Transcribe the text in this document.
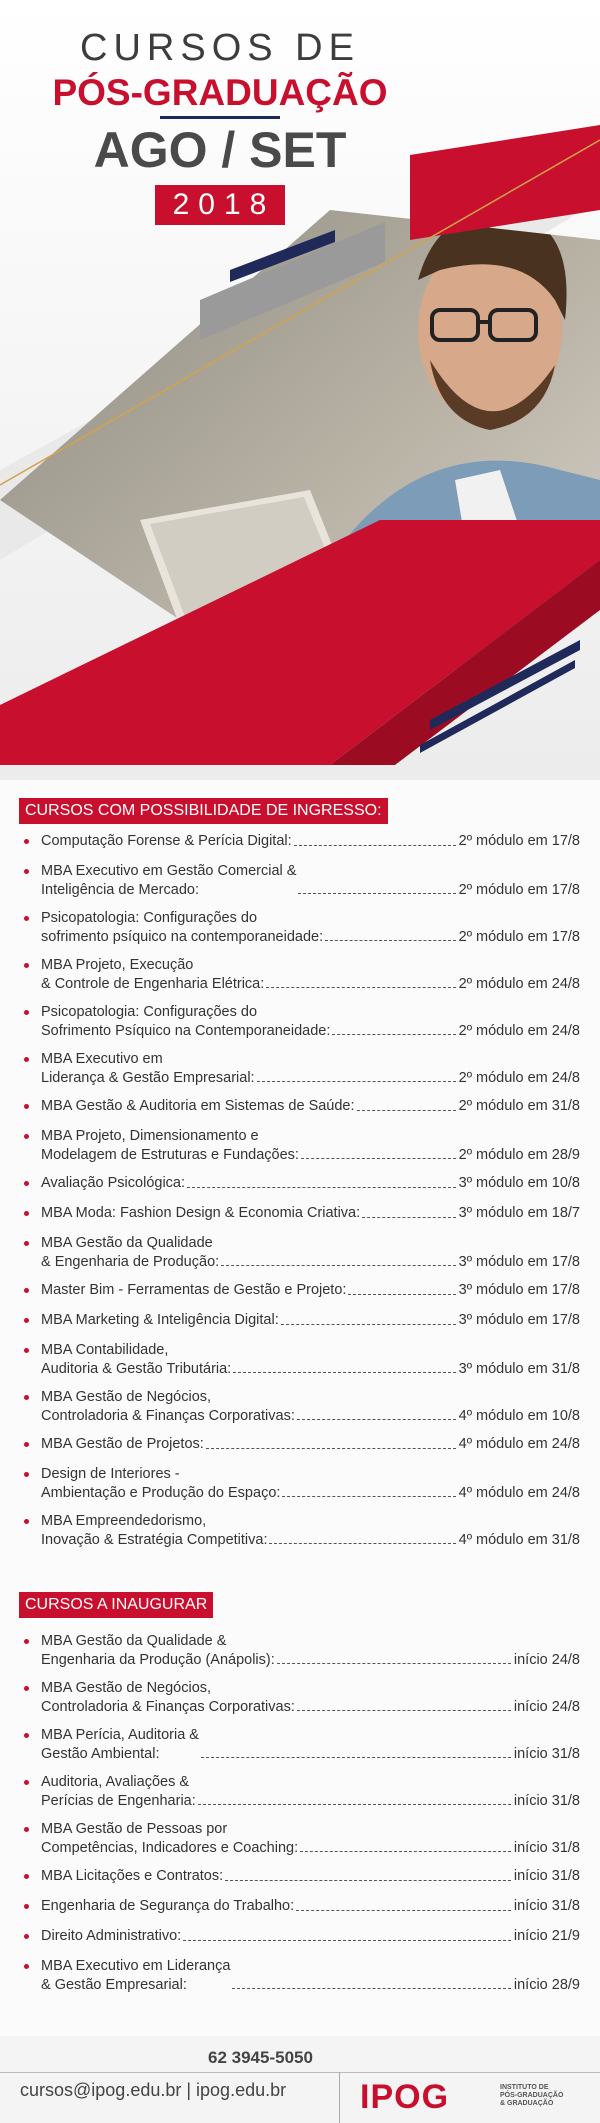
CURSOS DE
PÓS-GRADUAÇÃO
AGO / SET
2018
CURSOS COM POSSIBILIDADE DE INGRESSO:
Computação Forense & Perícia Digital:	2º módulo em 17/8
MBA Executivo em Gestão Comercial &
Inteligência de Mercado:	2º módulo em 17/8
Psicopatologia: Configurações do
sofrimento psíquico na contemporaneidade:	2º módulo em 17/8
MBA Projeto, Execução
& Controle de Engenharia Elétrica:	2º módulo em 24/8
Psicopatologia: Configurações do
Sofrimento Psíquico na Contemporaneidade:	2º módulo em 24/8
MBA Executivo em
Liderança & Gestão Empresarial:	2º módulo em 24/8
MBA Gestão & Auditoria em Sistemas de Saúde:	2º módulo em 31/8
MBA Projeto, Dimensionamento e
Modelagem de Estruturas e Fundações:	2º módulo em 28/9
Avaliação Psicológica:	3º módulo em 10/8
MBA Moda: Fashion Design & Economia Criativa:	3º módulo em 18/7
MBA Gestão da Qualidade
& Engenharia de Produção:	3º módulo em 17/8
Master Bim - Ferramentas de Gestão e Projeto:	3º módulo em 17/8
MBA Marketing & Inteligência Digital:	3º módulo em 17/8
MBA Contabilidade,
Auditoria & Gestão Tributária:	3º módulo em 31/8
MBA Gestão de Negócios,
Controladoria & Finanças Corporativas:	4º módulo em 10/8
MBA Gestão de Projetos:	4º módulo em 24/8
Design de Interiores -
Ambientação e Produção do Espaço:	4º módulo em 24/8
MBA Empreendedorismo,
Inovação & Estratégia Competitiva:	4º módulo em 31/8
CURSOS A INAUGURAR
MBA Gestão da Qualidade &
Engenharia da Produção (Anápolis):	início 24/8
MBA Gestão de Negócios,
Controladoria & Finanças Corporativas:	início 24/8
MBA Perícia, Auditoria &
Gestão Ambiental:	início 31/8
Auditoria, Avaliações &
Perícias de Engenharia:	início 31/8
MBA Gestão de Pessoas por
Competências, Indicadores e Coaching:	início 31/8
MBA Licitações e Contratos:	início 31/8
Engenharia de Segurança do Trabalho:	início 31/8
Direito Administrativo:	início 21/9
MBA Executivo em Liderança
& Gestão Empresarial:	início 28/9
62 3945-5050
cursos@ipog.edu.br | ipog.edu.br IPOG	INSTITUTO DE
PÓS-GRADUAÇÃO
& GRADUAÇÃO
